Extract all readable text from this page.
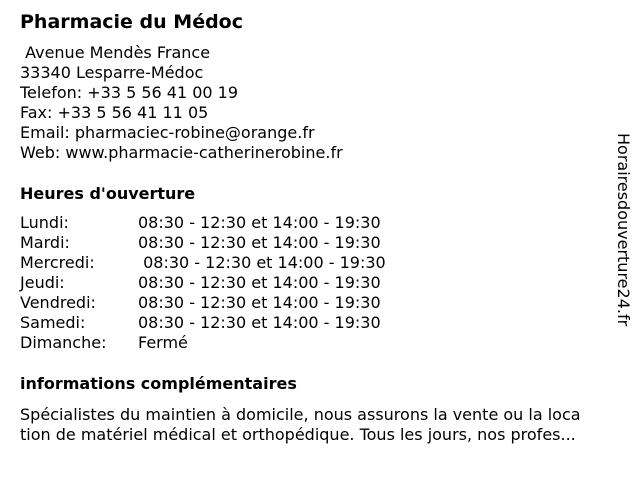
Pharmacie du Médoc
Avenue Mendès France
33340 Lesparre-Médoc
Telefon: +33 5 56 41 00 19
Fax: +33 5 56 41 11 05
Email: pharmaciec-robine@orange.fr
Web: www.pharmacie-catherinerobine.fr
Heures d'ouverture
Lundi:	08:30 - 12:30 et 14:00 - 19:30
Mardi:	08:30 - 12:30 et 14:00 - 19:30
Mercredi:	08:30 - 12:30 et 14:00 - 19:30
Jeudi:	08:30 - 12:30 et 14:00 - 19:30
Vendredi:	08:30 - 12:30 et 14:00 - 19:30
Samedi:	08:30 - 12:30 et 14:00 - 19:30
Dimanche:	Fermé
informations complémentaires
Spécialistes du maintien à domicile, nous assurons la vente ou la loca
tion de matériel médical et orthopédique. Tous les jours, nos profes...
Horairesdouverture24.fr
